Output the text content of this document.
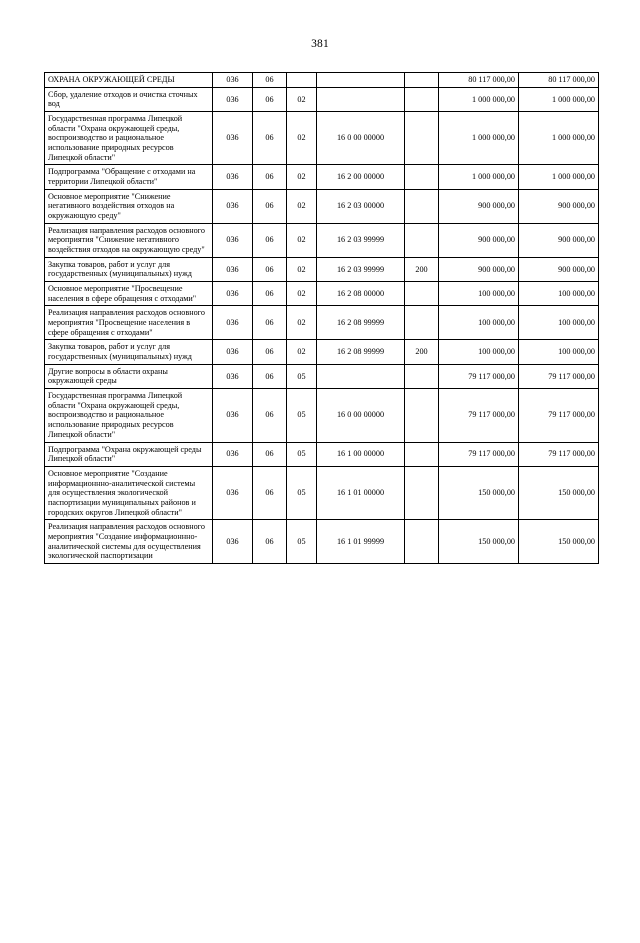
381
ОХРАНА ОКРУЖАЮЩЕЙ СРЕДЫ	036	06				80 117 000,00	80 117 000,00
Сбор, удаление отходов и очистка сточных вод	036	06	02			1 000 000,00	1 000 000,00
Государственная программа Липецкой области "Охрана окружающей среды, воспроизводство и рациональное использование природных ресурсов Липецкой области"	036	06	02	16 0 00 00000		1 000 000,00	1 000 000,00
Подпрограмма "Обращение с отходами на территории Липецкой области"	036	06	02	16 2 00 00000		1 000 000,00	1 000 000,00
Основное мероприятие "Снижение негативного воздействия отходов на окружающую среду"	036	06	02	16 2 03 00000		900 000,00	900 000,00
Реализация направления расходов основного мероприятия "Снижение негативного воздействия отходов на окружающую среду"	036	06	02	16 2 03 99999		900 000,00	900 000,00
Закупка товаров, работ и услуг для государственных (муниципальных) нужд	036	06	02	16 2 03 99999	200	900 000,00	900 000,00
Основное мероприятие "Просвещение населения в сфере обращения с отходами"	036	06	02	16 2 08 00000		100 000,00	100 000,00
Реализация направления расходов основного мероприятия "Просвещение населения в сфере обращения с отходами"	036	06	02	16 2 08 99999		100 000,00	100 000,00
Закупка товаров, работ и услуг для государственных (муниципальных) нужд	036	06	02	16 2 08 99999	200	100 000,00	100 000,00
Другие вопросы в области охраны окружающей среды	036	06	05			79 117 000,00	79 117 000,00
Государственная программа Липецкой области "Охрана окружающей среды, воспроизводство и рациональное использование природных ресурсов Липецкой области"	036	06	05	16 0 00 00000		79 117 000,00	79 117 000,00
Подпрограмма "Охрана окружающей среды Липецкой области"	036	06	05	16 1 00 00000		79 117 000,00	79 117 000,00
Основное мероприятие "Создание информационнно-аналитической системы для осуществления экологической паспортизации муниципальных районов и городских округов Липецкой области"	036	06	05	16 1 01 00000		150 000,00	150 000,00
Реализация направления расходов основного мероприятия "Создание информационнно-аналитической системы для осуществления экологической паспортизации	036	06	05	16 1 01 99999		150 000,00	150 000,00
